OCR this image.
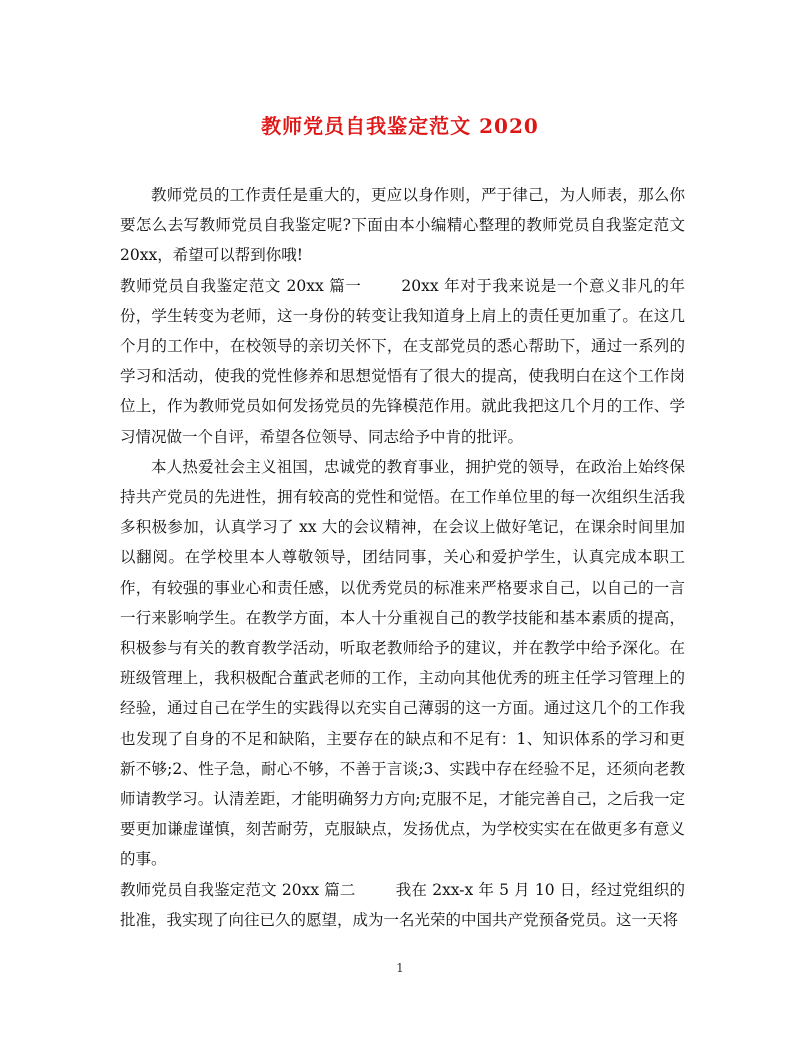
教师党员自我鉴定范文 2020

教师党员的工作责任是重大的，更应以身作则，严于律己，为人师表，那么你要怎么去写教师党员自我鉴定呢?下面由本小编精心整理的教师党员自我鉴定范文 20xx，希望可以帮到你哦!

教师党员自我鉴定范文 20xx 篇一	20xx 年对于我来说是一个意义非凡的年份，学生转变为老师，这一身份的转变让我知道身上肩上的责任更加重了。在这几个月的工作中，在校领导的亲切关怀下，在支部党员的悉心帮助下，通过一系列的学习和活动，使我的党性修养和思想觉悟有了很大的提高，使我明白在这个工作岗位上，作为教师党员如何发扬党员的先锋模范作用。就此我把这几个月的工作、学习情况做一个自评，希望各位领导、同志给予中肯的批评。

本人热爱社会主义祖国，忠诚党的教育事业，拥护党的领导，在政治上始终保持共产党员的先进性，拥有较高的党性和觉悟。在工作单位里的每一次组织生活我多积极参加，认真学习了 xx 大的会议精神，在会议上做好笔记，在课余时间里加以翻阅。在学校里本人尊敬领导，团结同事，关心和爱护学生，认真完成本职工作，有较强的事业心和责任感，以优秀党员的标准来严格要求自己，以自己的一言一行来影响学生。在教学方面，本人十分重视自己的教学技能和基本素质的提高，积极参与有关的教育教学活动，听取老教师给予的建议，并在教学中给予深化。在班级管理上，我积极配合董武老师的工作，主动向其他优秀的班主任学习管理上的经验，通过自己在学生的实践得以充实自己薄弱的这一方面。通过这几个的工作我也发现了自身的不足和缺陷，主要存在的缺点和不足有：1、知识体系的学习和更新不够;2、性子急，耐心不够，不善于言谈;3、实践中存在经验不足，还须向老教师请教学习。认清差距，才能明确努力方向;克服不足，才能完善自己，之后我一定要更加谦虚谨慎，刻苦耐劳，克服缺点，发扬优点，为学校实实在在做更多有意义的事。

教师党员自我鉴定范文 20xx 篇二	我在 2xx-x 年 5 月 10 日，经过党组织的批准，我实现了向往已久的愿望，成为一名光荣的中国共产党预备党员。这一天将

1
